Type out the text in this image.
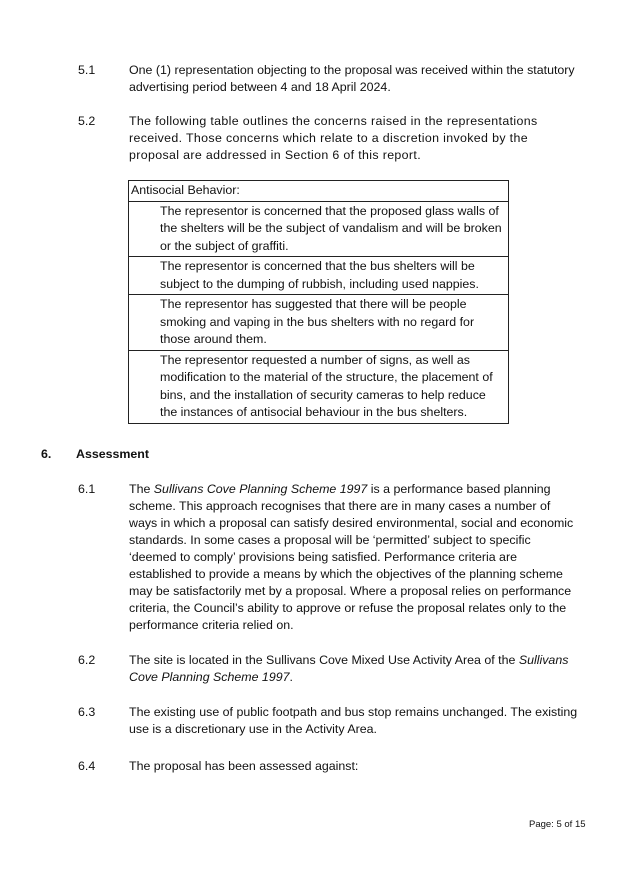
5.1	One (1) representation objecting to the proposal was received within the statutory advertising period between 4 and 18 April 2024.
5.2	The following table outlines the concerns raised in the representations received. Those concerns which relate to a discretion invoked by the proposal are addressed in Section 6 of this report.
Antisocial Behavior:
The representor is concerned that the proposed glass walls of the shelters will be the subject of vandalism and will be broken or the subject of graffiti.
The representor is concerned that the bus shelters will be subject to the dumping of rubbish, including used nappies.
The representor has suggested that there will be people smoking and vaping in the bus shelters with no regard for those around them.
The representor requested a number of signs, as well as modification to the material of the structure, the placement of bins, and the installation of security cameras to help reduce the instances of antisocial behaviour in the bus shelters.
6. Assessment
6.1	The Sullivans Cove Planning Scheme 1997 is a performance based planning scheme. This approach recognises that there are in many cases a number of ways in which a proposal can satisfy desired environmental, social and economic standards. In some cases a proposal will be ‘permitted’ subject to specific ‘deemed to comply’ provisions being satisfied. Performance criteria are established to provide a means by which the objectives of the planning scheme may be satisfactorily met by a proposal. Where a proposal relies on performance criteria, the Council’s ability to approve or refuse the proposal relates only to the performance criteria relied on.
6.2	The site is located in the Sullivans Cove Mixed Use Activity Area of the Sullivans Cove Planning Scheme 1997.
6.3	The existing use of public footpath and bus stop remains unchanged. The existing use is a discretionary use in the Activity Area.
6.4	The proposal has been assessed against:
Page: 5 of 15
